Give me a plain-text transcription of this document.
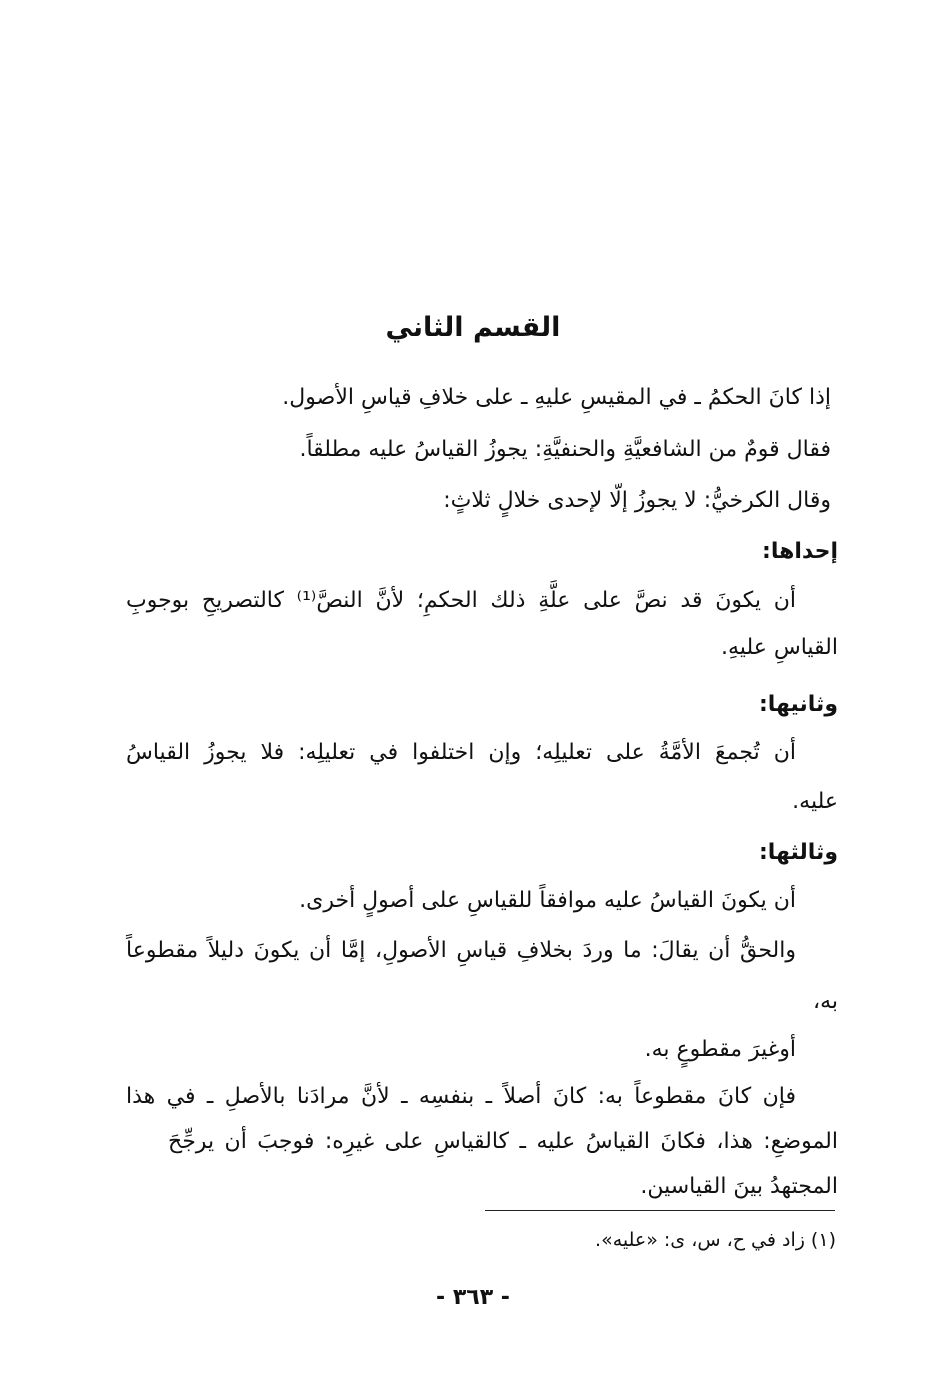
القسم الثاني
إذا كانَ الحكمُ ـ في المقيسِ عليهِ ـ على خلافِ قياسِ الأصول.
فقال قومٌ من الشافعيَّةِ والحنفيَّةِ: يجوزُ القياسُ عليه مطلقاً.
وقال الكرخيُّ: لا يجوزُ إلّا لإحدى خلالٍ ثلاثٍ:
إحداها:
أن يكونَ قد نصَّ على علَّةِ ذلك الحكمِ؛ لأنَّ النصَّ⁽¹⁾ كالتصريحِ بوجوبِ
القياسِ عليهِ.
وثانيها:
أن تُجمعَ الأمَّةُ على تعليلِه؛ وإن اختلفوا في تعليلِه: فلا يجوزُ القياسُ
عليه.
وثالثها:
أن يكونَ القياسُ عليه موافقاً للقياسِ على أصولٍ أخرى.
والحقُّ أن يقالَ: ما وردَ بخلافِ قياسِ الأصولِ، إمَّا أن يكونَ دليلاً مقطوعاً
به،
أوغيرَ مقطوعٍ به.
فإن كانَ مقطوعاً به: كانَ أصلاً ـ بنفسِه ـ لأنَّ مرادَنا بالأصلِ ـ في هذا
الموضعِ: هذا، فكانَ القياسُ عليه ـ كالقياسِ على غيرِه: فوجبَ أن يرجِّحَ
المجتهدُ بينَ القياسين.
(١) زاد في ح، س، ى: «عليه».
- ٣٦٣ -
